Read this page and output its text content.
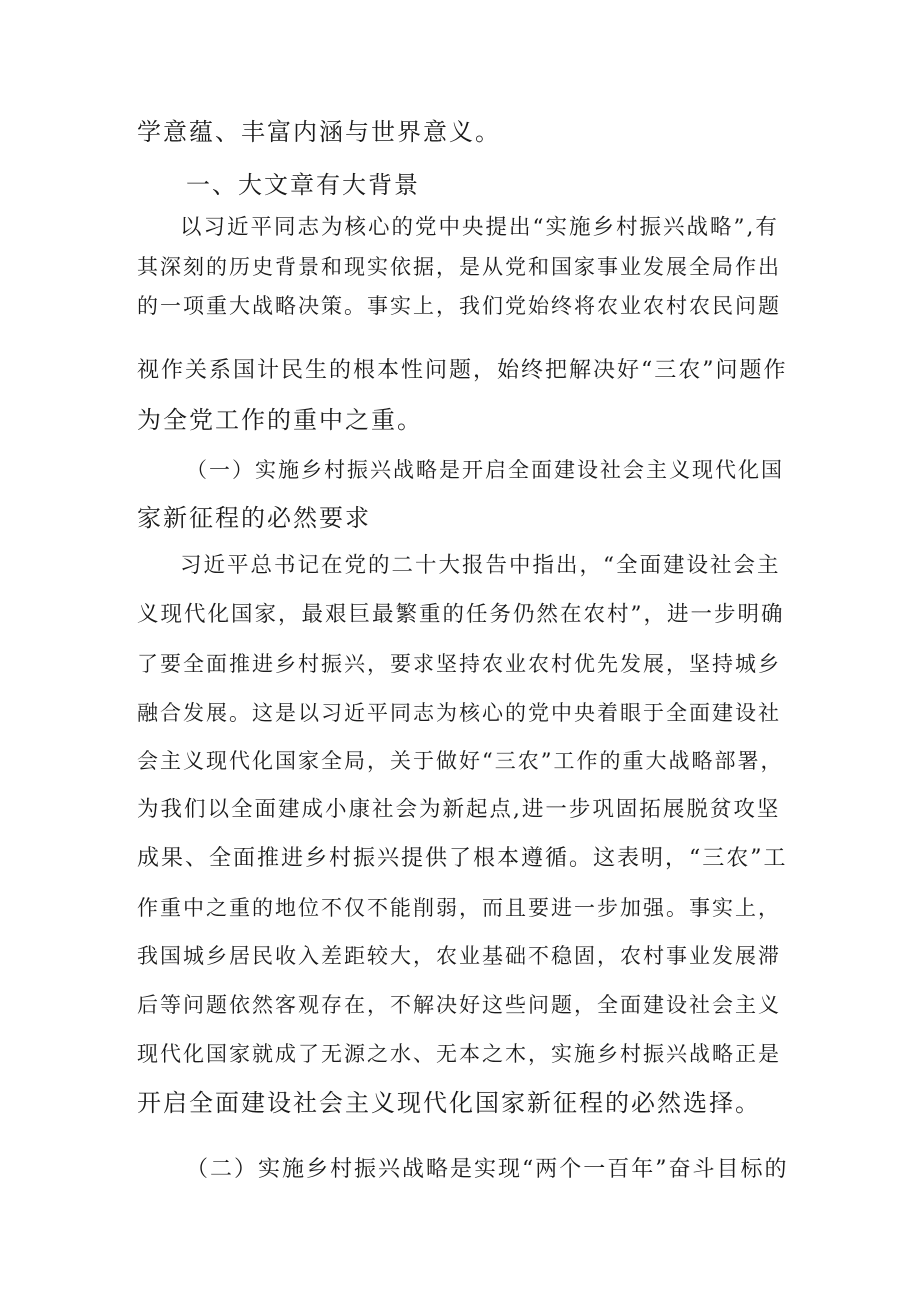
学意蕴、丰富内涵与世界意义。
一、大文章有大背景
以习近平同志为核心的党中央提出“实施乡村振兴战略”,有
其深刻的历史背景和现实依据，是从党和国家事业发展全局作出
的一项重大战略决策。事实上，我们党始终将农业农村农民问题
视作关系国计民生的根本性问题，始终把解决好“三农”问题作
为全党工作的重中之重。
（一）实施乡村振兴战略是开启全面建设社会主义现代化国
家新征程的必然要求
习近平总书记在党的二十大报告中指出，“全面建设社会主
义现代化国家，最艰巨最繁重的任务仍然在农村”，进一步明确
了要全面推进乡村振兴，要求坚持农业农村优先发展，坚持城乡
融合发展。这是以习近平同志为核心的党中央着眼于全面建设社
会主义现代化国家全局，关于做好“三农”工作的重大战略部署，
为我们以全面建成小康社会为新起点,进一步巩固拓展脱贫攻坚
成果、全面推进乡村振兴提供了根本遵循。这表明，“三农”工
作重中之重的地位不仅不能削弱，而且要进一步加强。事实上，
我国城乡居民收入差距较大，农业基础不稳固，农村事业发展滞
后等问题依然客观存在，不解决好这些问题，全面建设社会主义
现代化国家就成了无源之水、无本之木，实施乡村振兴战略正是
开启全面建设社会主义现代化国家新征程的必然选择。
（二）实施乡村振兴战略是实现“两个一百年”奋斗目标的
